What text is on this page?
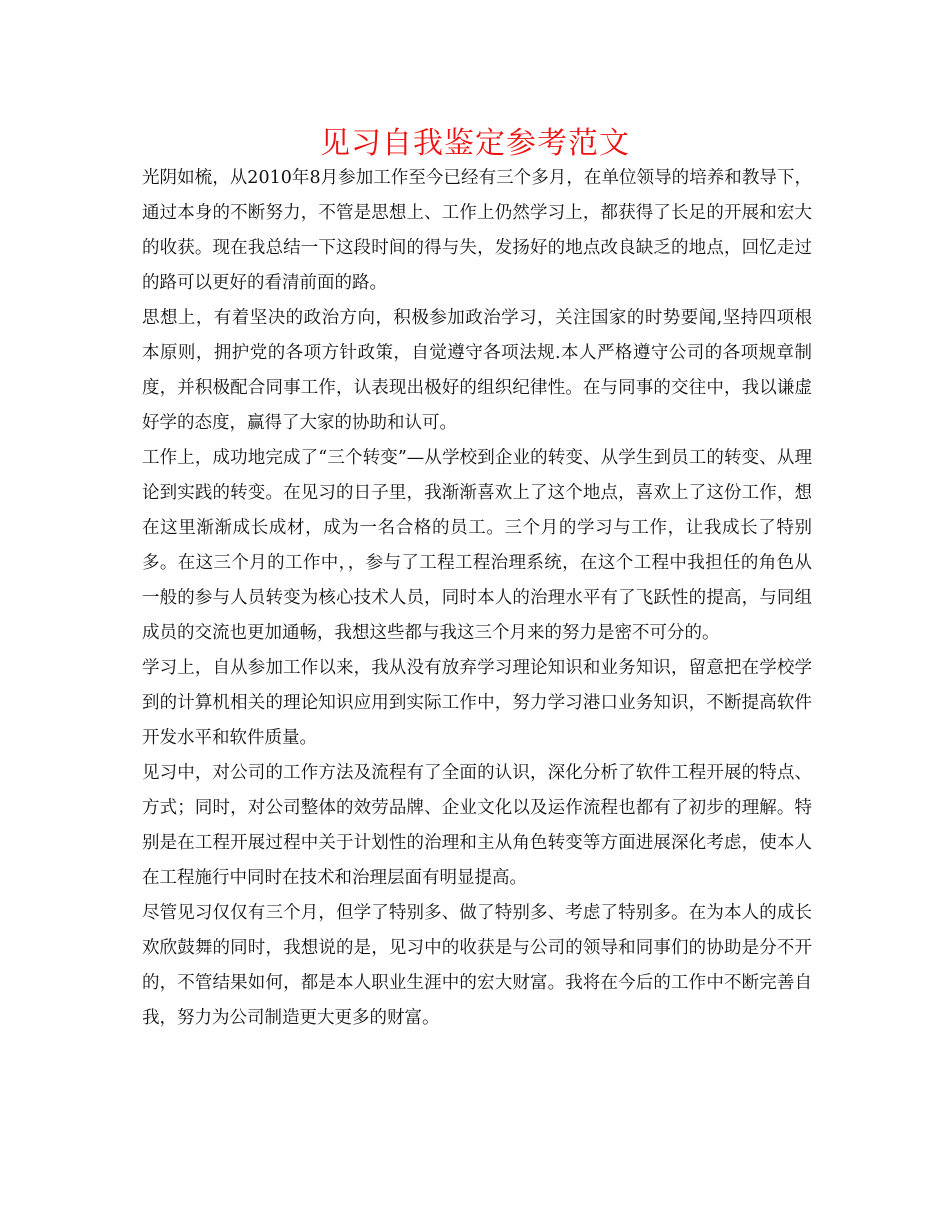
见习自我鉴定参考范文

光阴如梳，从2010年8月参加工作至今已经有三个多月，在单位领导的培养和教导下，通过本身的不断努力，不管是思想上、工作上仍然学习上，都获得了长足的开展和宏大的收获。现在我总结一下这段时间的得与失，发扬好的地点改良缺乏的地点，回忆走过的路可以更好的看清前面的路。

思想上，有着坚决的政治方向，积极参加政治学习，关注国家的时势要闻,坚持四项根本原则，拥护党的各项方针政策，自觉遵守各项法规.本人严格遵守公司的各项规章制度，并积极配合同事工作，认表现出极好的组织纪律性。在与同事的交往中，我以谦虚好学的态度，赢得了大家的协助和认可。

工作上，成功地完成了“三个转变”—从学校到企业的转变、从学生到员工的转变、从理论到实践的转变。在见习的日子里，我渐渐喜欢上了这个地点，喜欢上了这份工作，想在这里渐渐成长成材，成为一名合格的员工。三个月的学习与工作，让我成长了特别多。在这三个月的工作中，，参与了工程工程治理系统，在这个工程中我担任的角色从一般的参与人员转变为核心技术人员，同时本人的治理水平有了飞跃性的提高，与同组成员的交流也更加通畅，我想这些都与我这三个月来的努力是密不可分的。

学习上，自从参加工作以来，我从没有放弃学习理论知识和业务知识，留意把在学校学到的计算机相关的理论知识应用到实际工作中，努力学习港口业务知识，不断提高软件开发水平和软件质量。

见习中，对公司的工作方法及流程有了全面的认识，深化分析了软件工程开展的特点、方式；同时，对公司整体的效劳品牌、企业文化以及运作流程也都有了初步的理解。特别是在工程开展过程中关于计划性的治理和主从角色转变等方面进展深化考虑，使本人在工程施行中同时在技术和治理层面有明显提高。

尽管见习仅仅有三个月，但学了特别多、做了特别多、考虑了特别多。在为本人的成长欢欣鼓舞的同时，我想说的是，见习中的收获是与公司的领导和同事们的协助是分不开的，不管结果如何，都是本人职业生涯中的宏大财富。我将在今后的工作中不断完善自我，努力为公司制造更大更多的财富。
